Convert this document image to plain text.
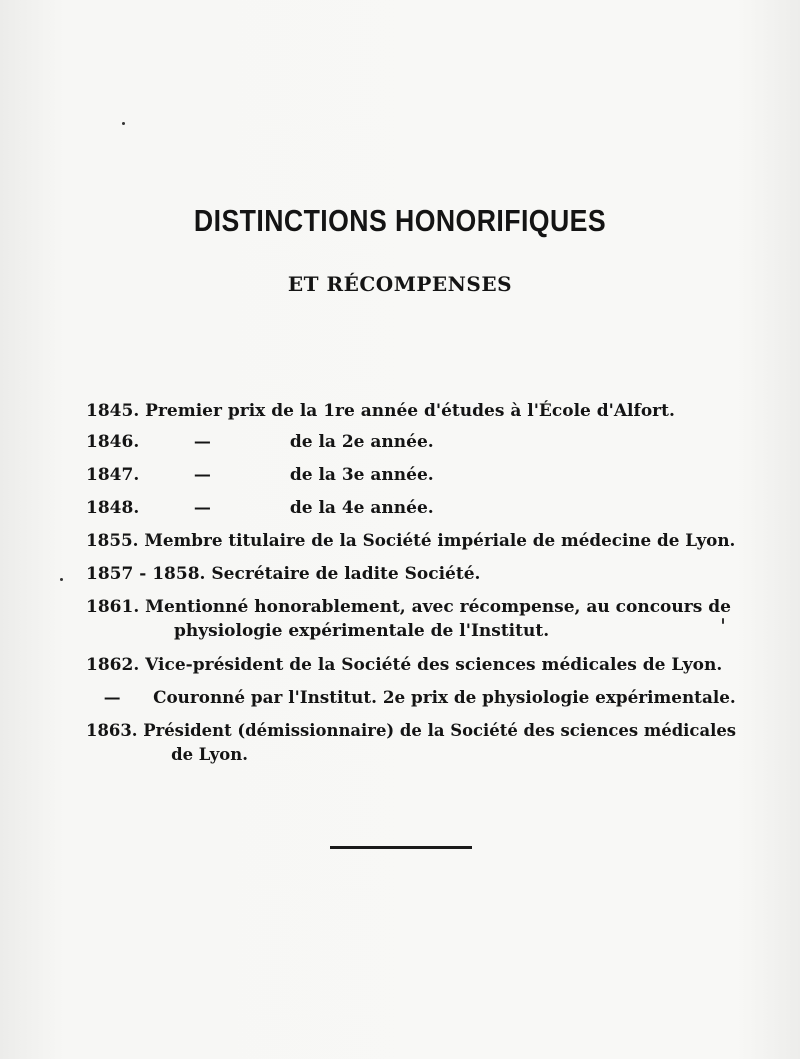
DISTINCTIONS HONORIFIQUES
ET RÉCOMPENSES
1845. Premier prix de la 1re année d'études à l'École d'Alfort.
1846.	—	de la 2e année.
1847.	—	de la 3e année.
1848.	—	de la 4e année.
1855. Membre titulaire de la Société impériale de médecine de Lyon.
1857 - 1858. Secrétaire de ladite Société.
1861. Mentionné honorablement, avec récompense, au concours de
physiologie expérimentale de l'Institut.
1862. Vice-président de la Société des sciences médicales de Lyon.
— Couronné par l'Institut. 2e prix de physiologie expérimentale.
1863. Président (démissionnaire) de la Société des sciences médicales
de Lyon.
